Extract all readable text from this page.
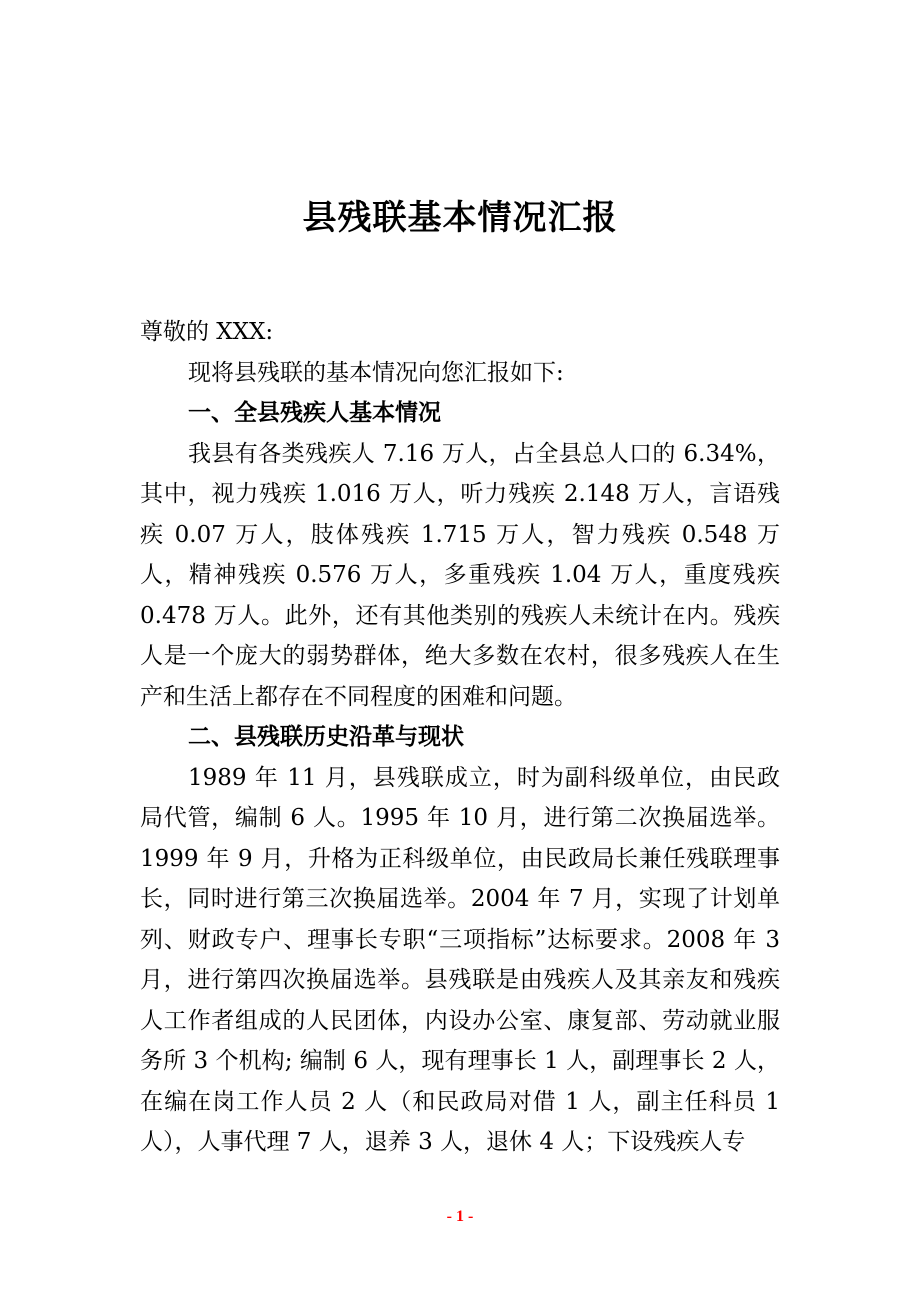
县残联基本情况汇报

尊敬的 XXX:

现将县残联的基本情况向您汇报如下:

一、全县残疾人基本情况

我县有各类残疾人 7.16 万人，占全县总人口的 6.34%，其中，视力残疾 1.016 万人，听力残疾 2.148 万人，言语残疾 0.07 万人，肢体残疾 1.715 万人，智力残疾 0.548 万人，精神残疾 0.576 万人，多重残疾 1.04 万人，重度残疾 0.478 万人。此外，还有其他类别的残疾人未统计在内。残疾人是一个庞大的弱势群体，绝大多数在农村，很多残疾人在生产和生活上都存在不同程度的困难和问题。

二、县残联历史沿革与现状

1989 年 11 月，县残联成立，时为副科级单位，由民政局代管，编制 6 人。1995 年 10 月，进行第二次换届选举。1999 年 9 月，升格为正科级单位，由民政局长兼任残联理事长，同时进行第三次换届选举。2004 年 7 月，实现了计划单列、财政专户、理事长专职“三项指标”达标要求。2008 年 3 月，进行第四次换届选举。县残联是由残疾人及其亲友和残疾人工作者组成的人民团体，内设办公室、康复部、劳动就业服务所 3 个机构; 编制 6 人，现有理事长 1 人，副理事长 2 人，在编在岗工作人员 2 人（和民政局对借 1 人，副主任科员 1 人），人事代理 7 人，退养 3 人，退休 4 人；下设残疾人专

- 1 -
